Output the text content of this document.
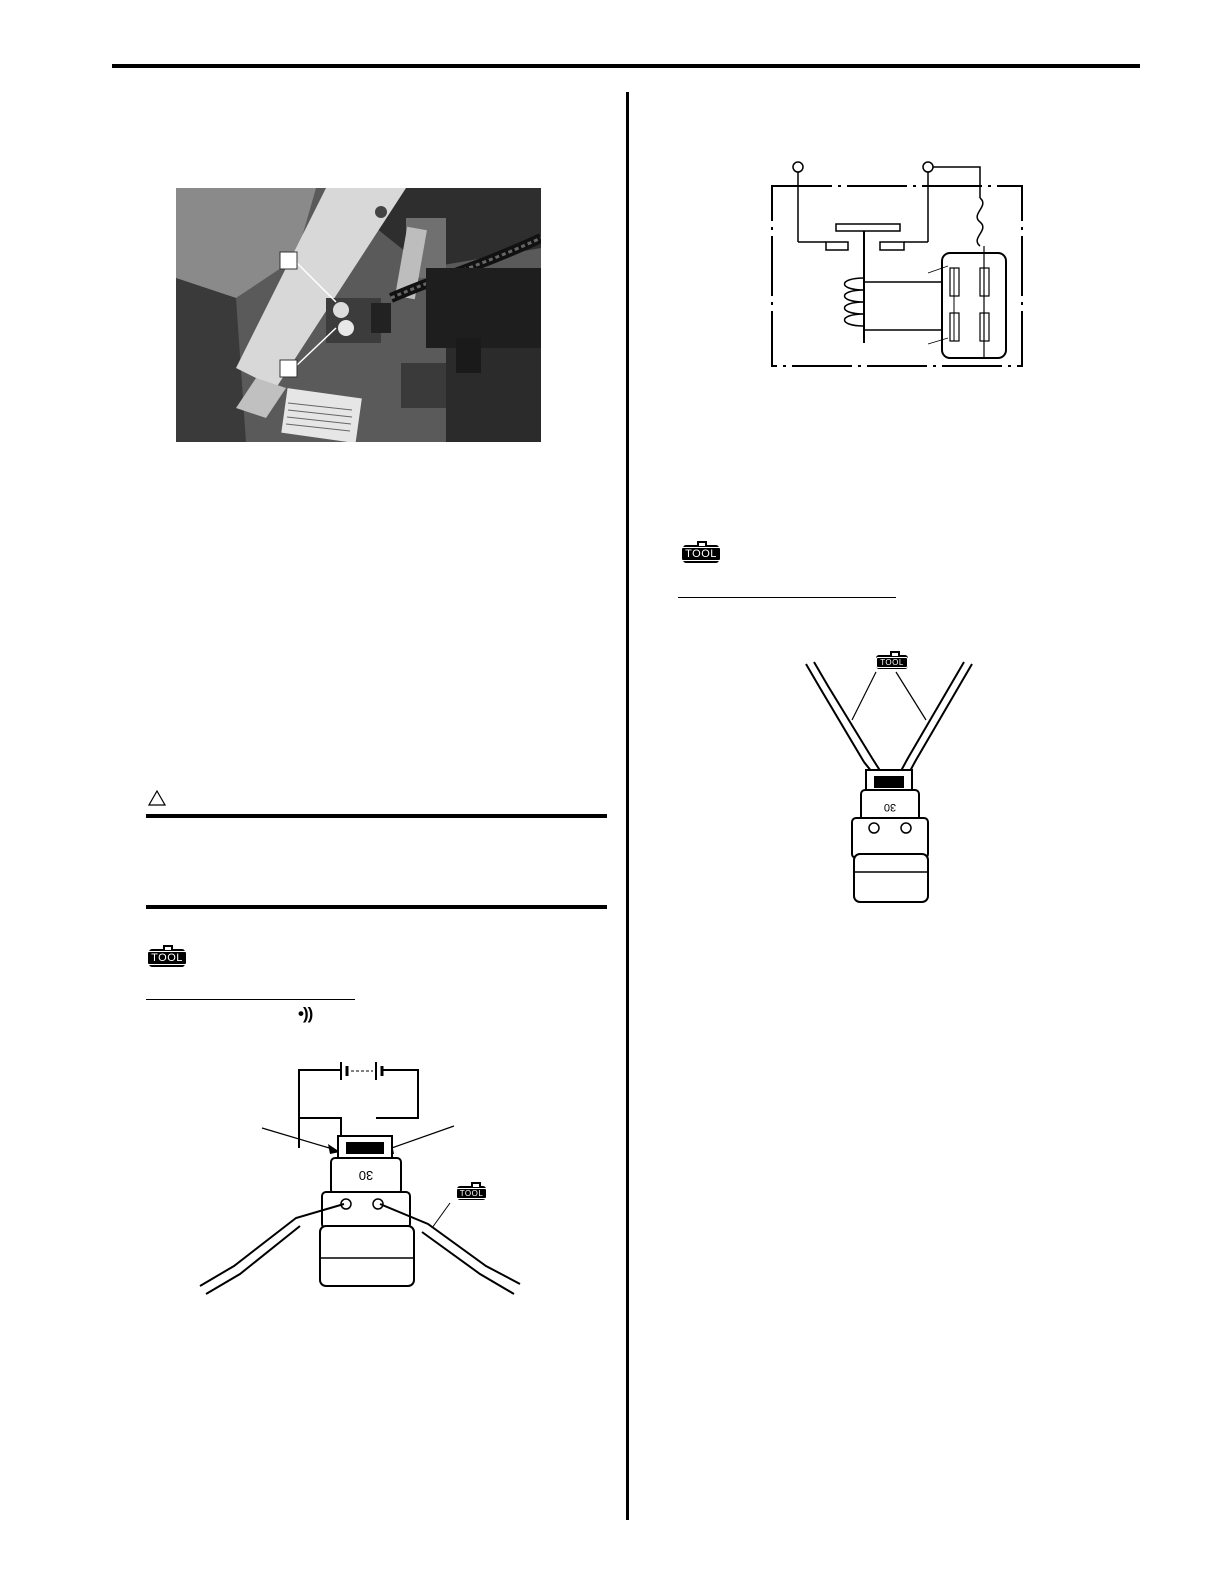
TOOL
•))
30
TOOL
TOOL
30
TOOL
